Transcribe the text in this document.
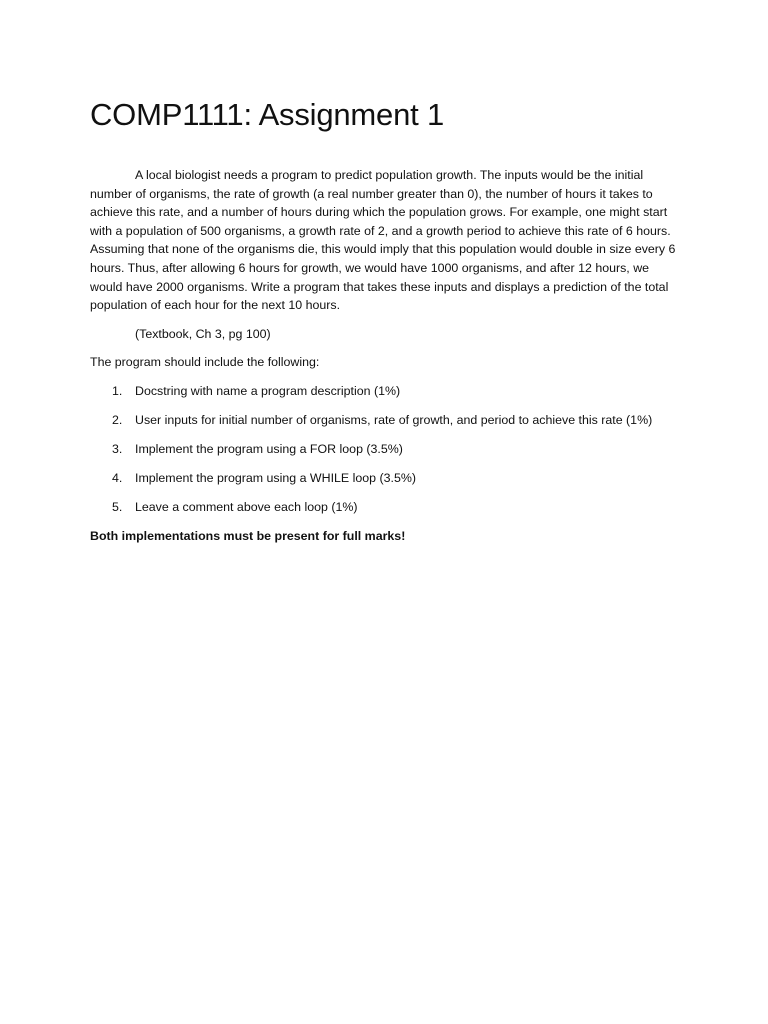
COMP1111: Assignment 1

A local biologist needs a program to predict population growth. The inputs would be the initial number of organisms, the rate of growth (a real number greater than 0), the number of hours it takes to achieve this rate, and a number of hours during which the population grows. For example, one might start with a population of 500 organisms, a growth rate of 2, and a growth period to achieve this rate of 6 hours. Assuming that none of the organisms die, this would imply that this population would double in size every 6 hours. Thus, after allowing 6 hours for growth, we would have 1000 organisms, and after 12 hours, we would have 2000 organisms. Write a program that takes these inputs and displays a prediction of the total population of each hour for the next 10 hours.

(Textbook, Ch 3, pg 100)

The program should include the following:

1. Docstring with name a program description (1%)
2. User inputs for initial number of organisms, rate of growth, and period to achieve this rate (1%)
3. Implement the program using a FOR loop (3.5%)
4. Implement the program using a WHILE loop (3.5%)
5. Leave a comment above each loop (1%)

Both implementations must be present for full marks!
